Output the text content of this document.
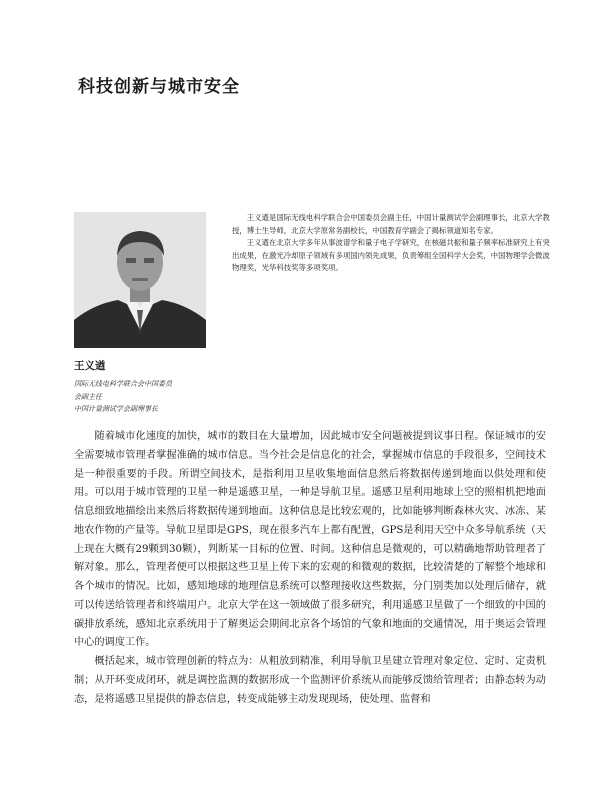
科技创新与城市安全

王义遒是国际无线电科学联合会中国委员会副主任，中国计量测试学会副理事长，北京大学教授，博士生导师，北京大学原常务副校长，中国教育学副会了揭标领道知名专家。

王义遒在北京大学多年从事波谱学和量子电子学研究，在核磁共振和量子频率标准研究上有突出成果，在激光冷却原子领域有多项国内领先成果，负责筹组全国科学大会奖，中国物理学会微波物理奖，光华科技奖等多项奖项。

王义遒
国际无线电科学联合会中国委员
会副主任
中国计量测试学会副理事长

随着城市化速度的加快，城市的数目在大量增加，因此城市安全问题被提到议事日程。保证城市的安全需要城市管理者掌握准确的城市信息。当今社会是信息化的社会，掌握城市信息的手段很多，空间技术是一种很重要的手段。所谓空间技术，是指利用卫星收集地面信息然后将数据传递到地面以供处理和使用。可以用于城市管理的卫星一种是遥感卫星，一种是导航卫星。遥感卫星利用地球上空的照相机把地面信息细致地描绘出来然后将数据传递到地面。这种信息是比较宏观的，比如能够判断森林火灾、冰冻、某地农作物的产量等。导航卫星即是GPS，现在很多汽车上都有配置，GPS是利用天空中众多导航系统（天上现在大概有29颗到30颗），判断某一目标的位置、时间。这种信息是微观的，可以精确地帮助管理者了解对象。那么，管理者便可以根据这些卫星上传下来的宏观的和微观的数据，比较清楚的了解整个地球和各个城市的情况。比如，感知地球的地理信息系统可以整理接收这些数据，分门别类加以处理后储存，就可以传送给管理者和终端用户。北京大学在这一领域做了很多研究，利用遥感卫星做了一个细致的中国的碳排放系统，感知北京系统用于了解奥运会期间北京各个场馆的气象和地面的交通情况，用于奥运会管理中心的调度工作。

概括起来，城市管理创新的特点为：从粗放到精准，利用导航卫星建立管理对象定位、定时、定责机制；从开环变成闭环，就是调控监测的数据形成一个监测评价系统从而能够反馈给管理者；由静态转为动态，是将遥感卫星提供的静态信息，转变成能够主动发现现场，使处理、监督和
